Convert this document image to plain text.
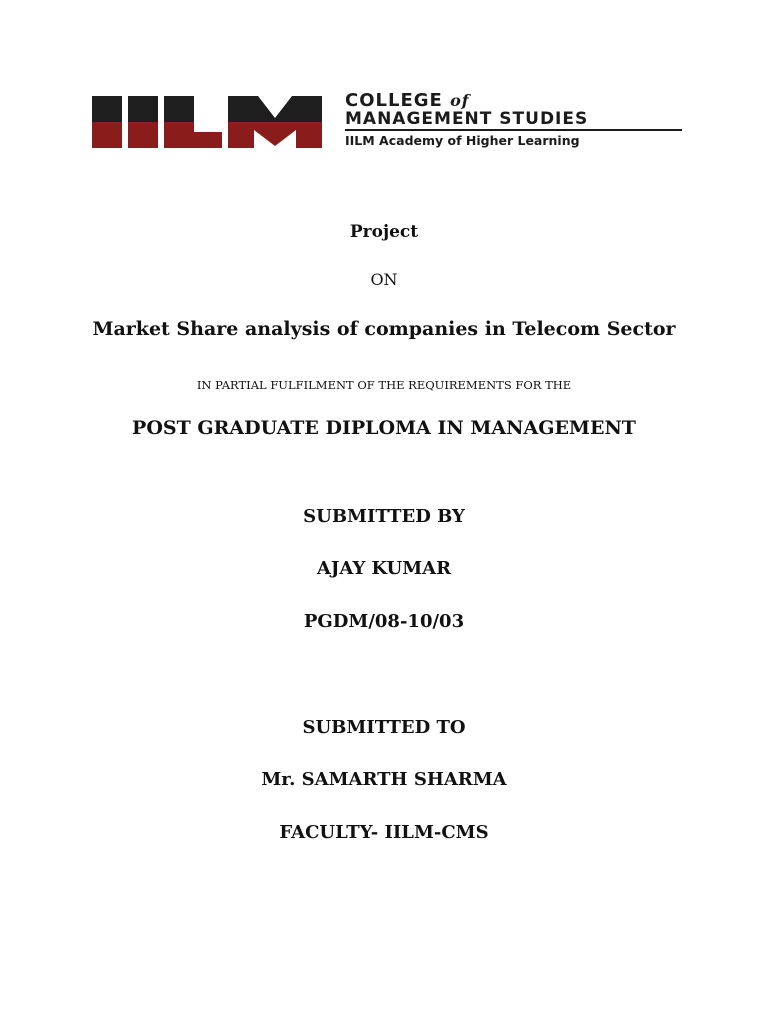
COLLEGE of
MANAGEMENT STUDIES
IILM Academy of Higher Learning
Project
ON
Market Share analysis of companies in Telecom Sector
IN PARTIAL FULFILMENT OF THE REQUIREMENTS FOR THE
POST GRADUATE DIPLOMA IN MANAGEMENT
SUBMITTED BY
AJAY KUMAR
PGDM/08-10/03
SUBMITTED TO
Mr. SAMARTH SHARMA
FACULTY- IILM-CMS
